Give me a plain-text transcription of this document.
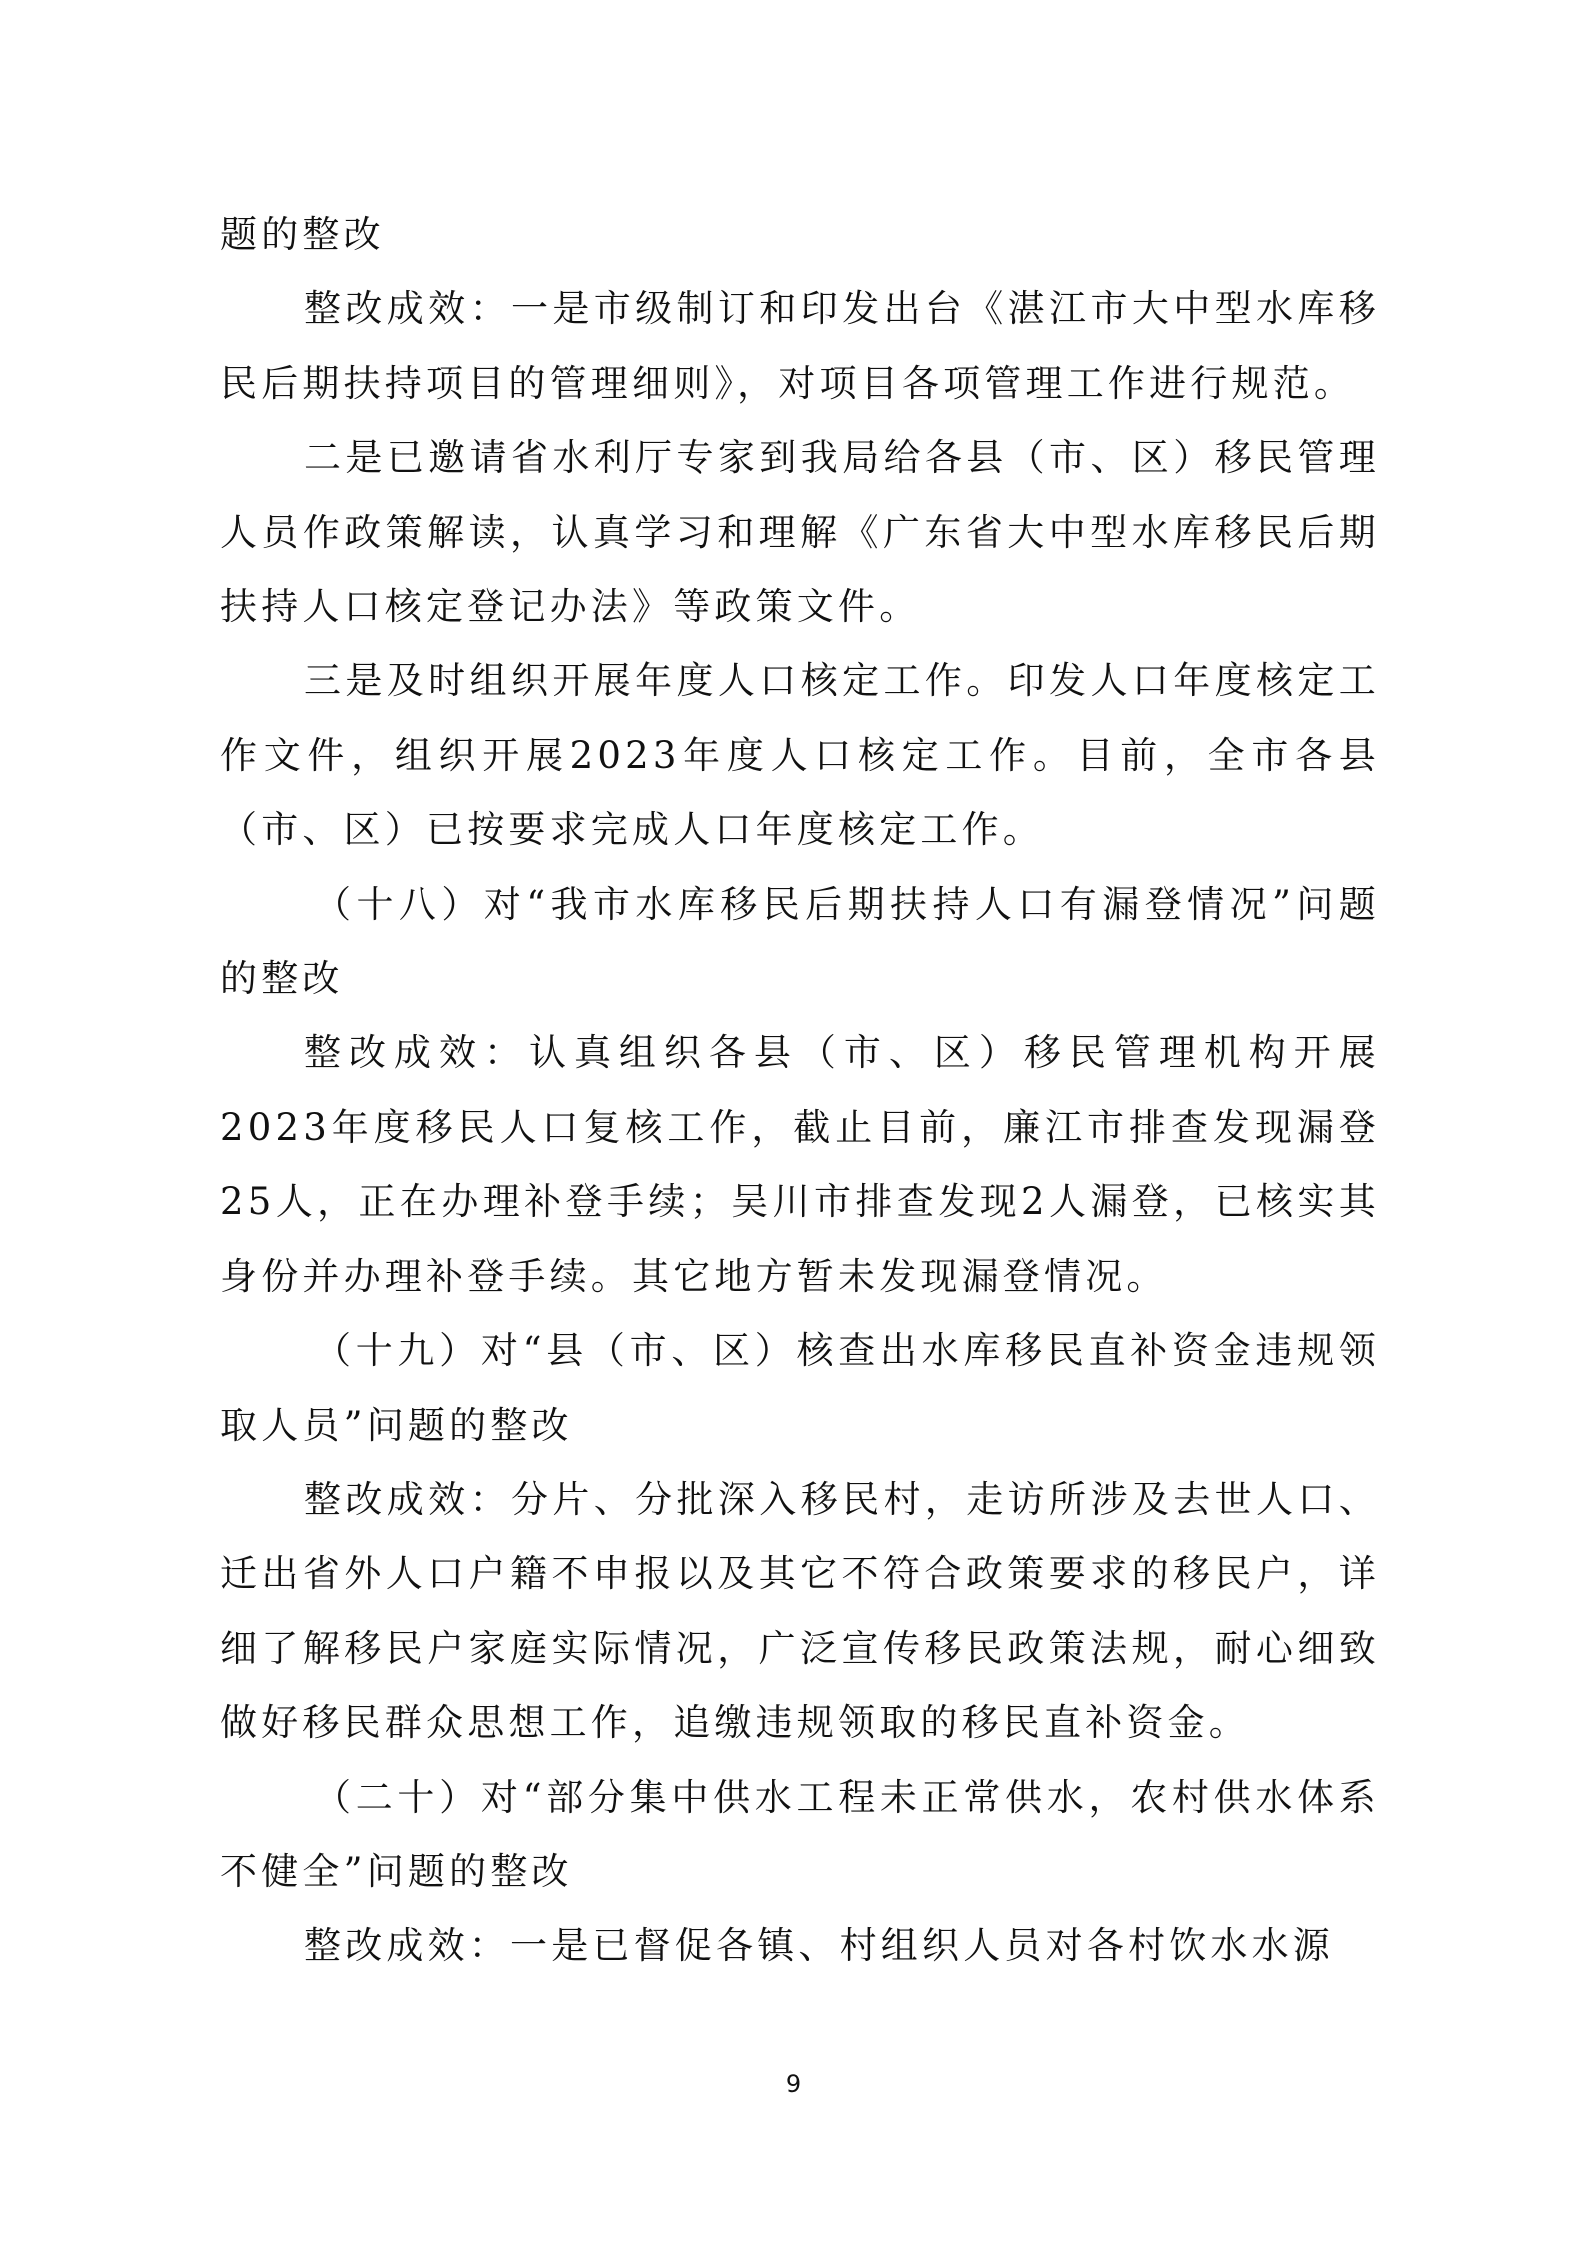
题的整改

整改成效：一是市级制订和印发出台《湛江市大中型水库移民后期扶持项目的管理细则》，对项目各项管理工作进行规范。

二是已邀请省水利厅专家到我局给各县（市、区）移民管理人员作政策解读，认真学习和理解《广东省大中型水库移民后期扶持人口核定登记办法》等政策文件。

三是及时组织开展年度人口核定工作。印发人口年度核定工作文件，组织开展2023年度人口核定工作。目前，全市各县（市、区）已按要求完成人口年度核定工作。

（十八）对“我市水库移民后期扶持人口有漏登情况”问题的整改

整改成效：认真组织各县（市、区）移民管理机构开展2023年度移民人口复核工作，截止目前，廉江市排查发现漏登25人，正在办理补登手续；吴川市排查发现2人漏登，已核实其身份并办理补登手续。其它地方暂未发现漏登情况。

（十九）对“县（市、区）核查出水库移民直补资金违规领取人员”问题的整改

整改成效：分片、分批深入移民村，走访所涉及去世人口、迁出省外人口户籍不申报以及其它不符合政策要求的移民户，详细了解移民户家庭实际情况，广泛宣传移民政策法规，耐心细致做好移民群众思想工作，追缴违规领取的移民直补资金。

（二十）对“部分集中供水工程未正常供水，农村供水体系不健全”问题的整改

整改成效：一是已督促各镇、村组织人员对各村饮水水源

9
